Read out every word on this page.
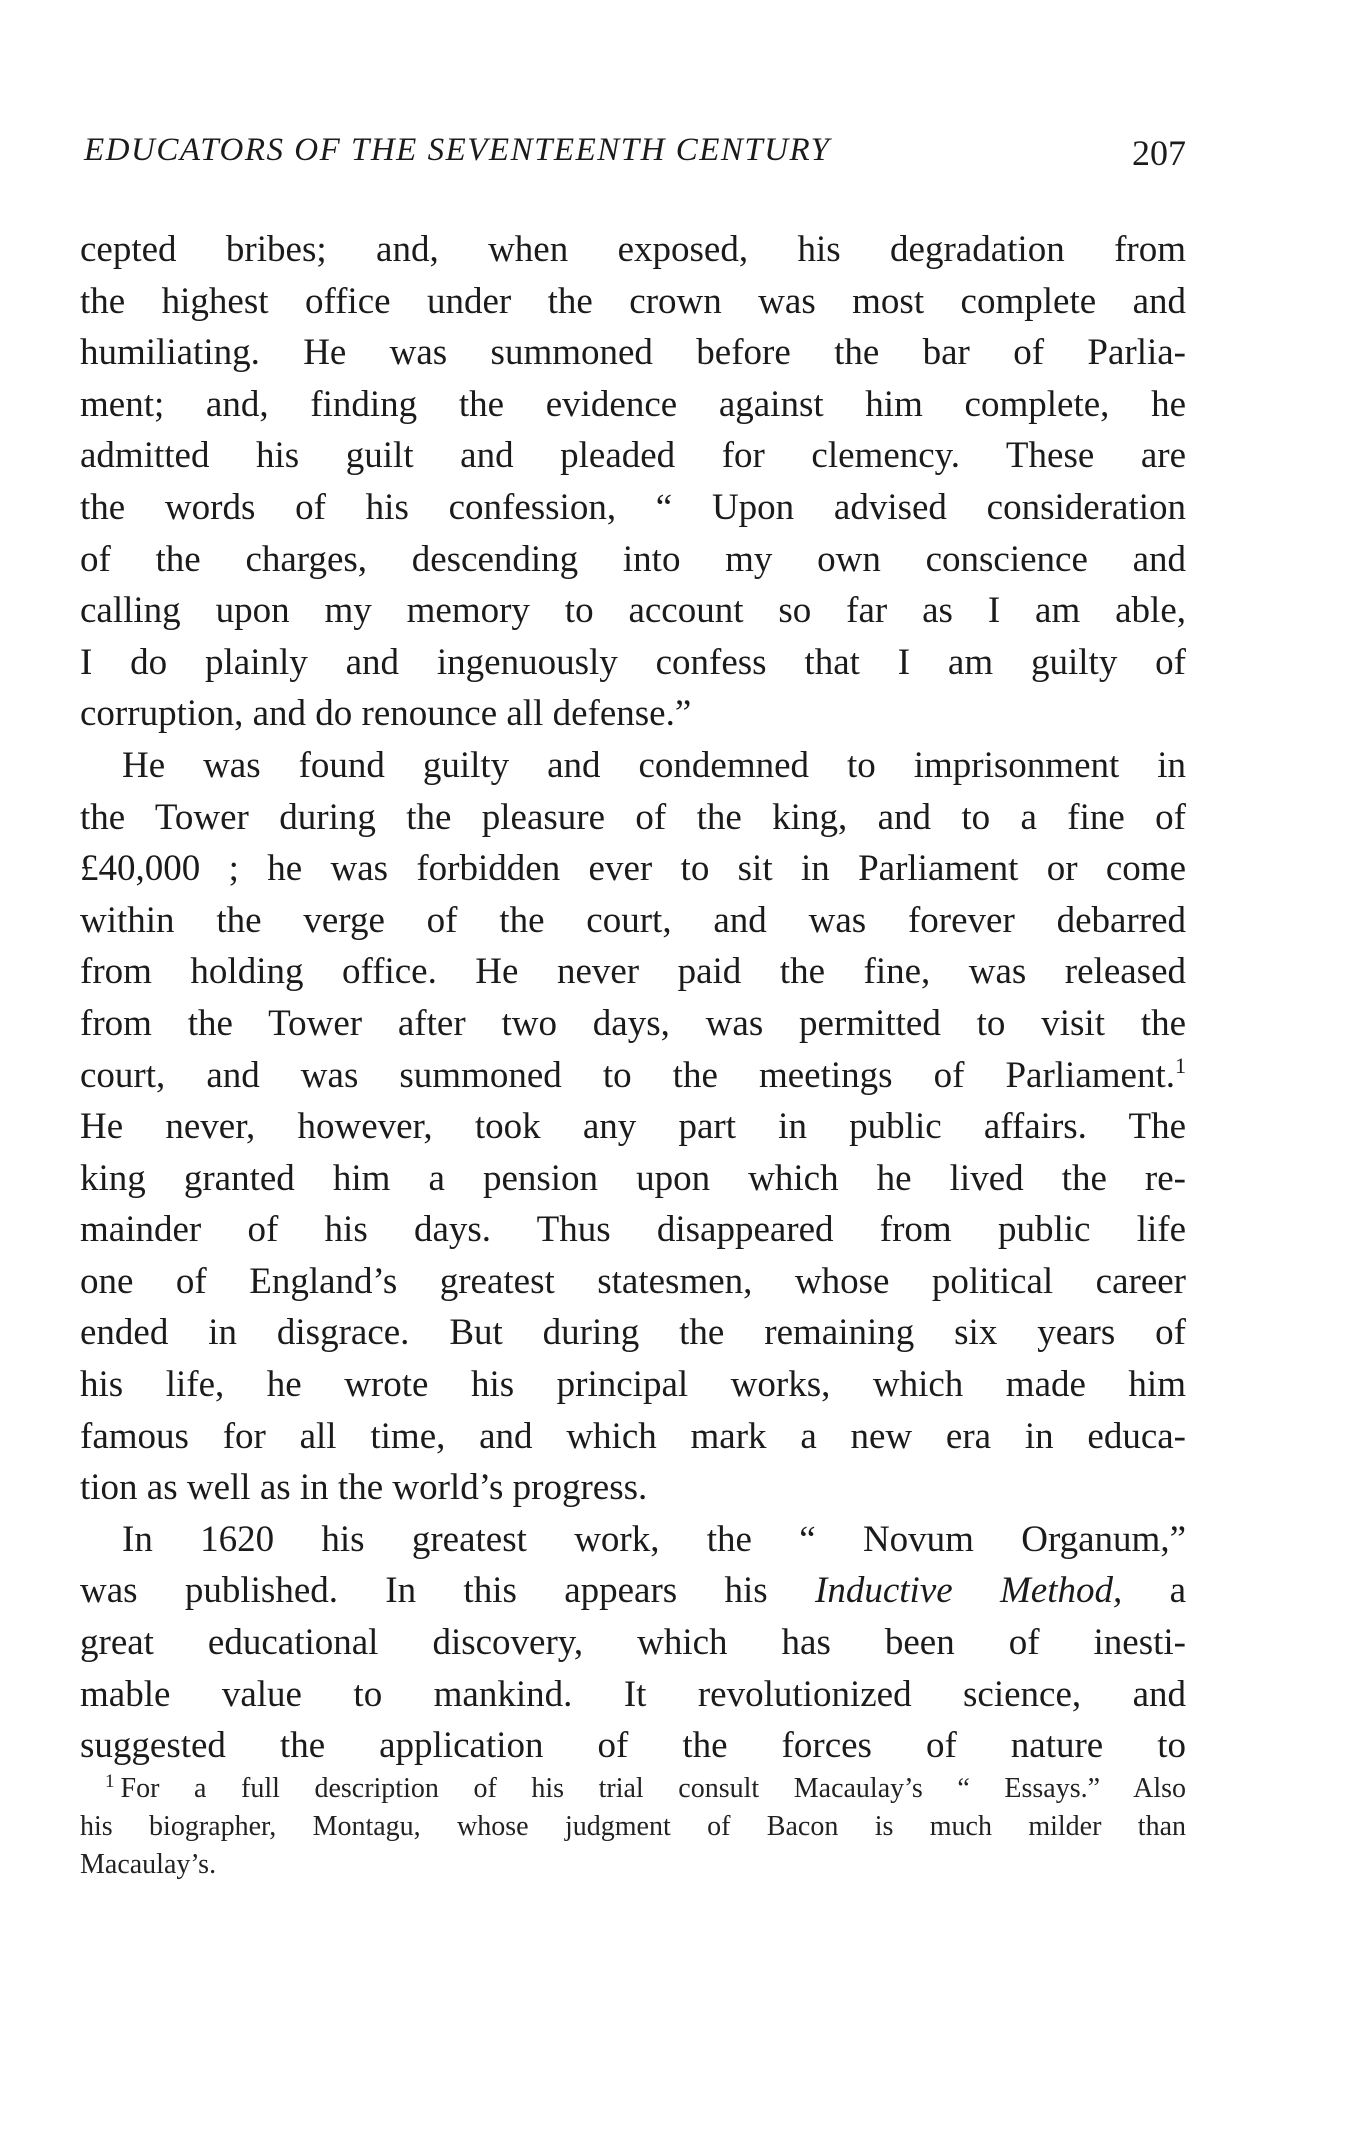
EDUCATORS OF THE SEVENTEENTH CENTURY	207
cepted bribes; and, when exposed, his degradation from
the highest office under the crown was most complete and
humiliating. He was summoned before the bar of Parlia-
ment; and, finding the evidence against him complete, he
admitted his guilt and pleaded for clemency. These are
the words of his confession, “ Upon advised consideration
of the charges, descending into my own conscience and
calling upon my memory to account so far as I am able,
I do plainly and ingenuously confess that I am guilty of
corruption, and do renounce all defense.”
He was found guilty and condemned to imprisonment in
the Tower during the pleasure of the king, and to a fine of
£40,000 ; he was forbidden ever to sit in Parliament or come
within the verge of the court, and was forever debarred
from holding office. He never paid the fine, was released
from the Tower after two days, was permitted to visit the
court, and was summoned to the meetings of Parliament.$^1$
He never, however, took any part in public affairs. The
king granted him a pension upon which he lived the re-
mainder of his days. Thus disappeared from public life
one of England’s greatest statesmen, whose political career
ended in disgrace. But during the remaining six years of
his life, he wrote his principal works, which made him
famous for all time, and which mark a new era in educa-
tion as well as in the world’s progress.
In 1620 his greatest work, the “ Novum Organum,”
was published. In this appears his Inductive Method, a
great educational discovery, which has been of inesti-
mable value to mankind. It revolutionized science, and
suggested the application of the forces of nature to
$^1$ For a full description of his trial consult Macaulay’s “ Essays.” Also
his biographer, Montagu, whose judgment of Bacon is much milder than
Macaulay’s.
